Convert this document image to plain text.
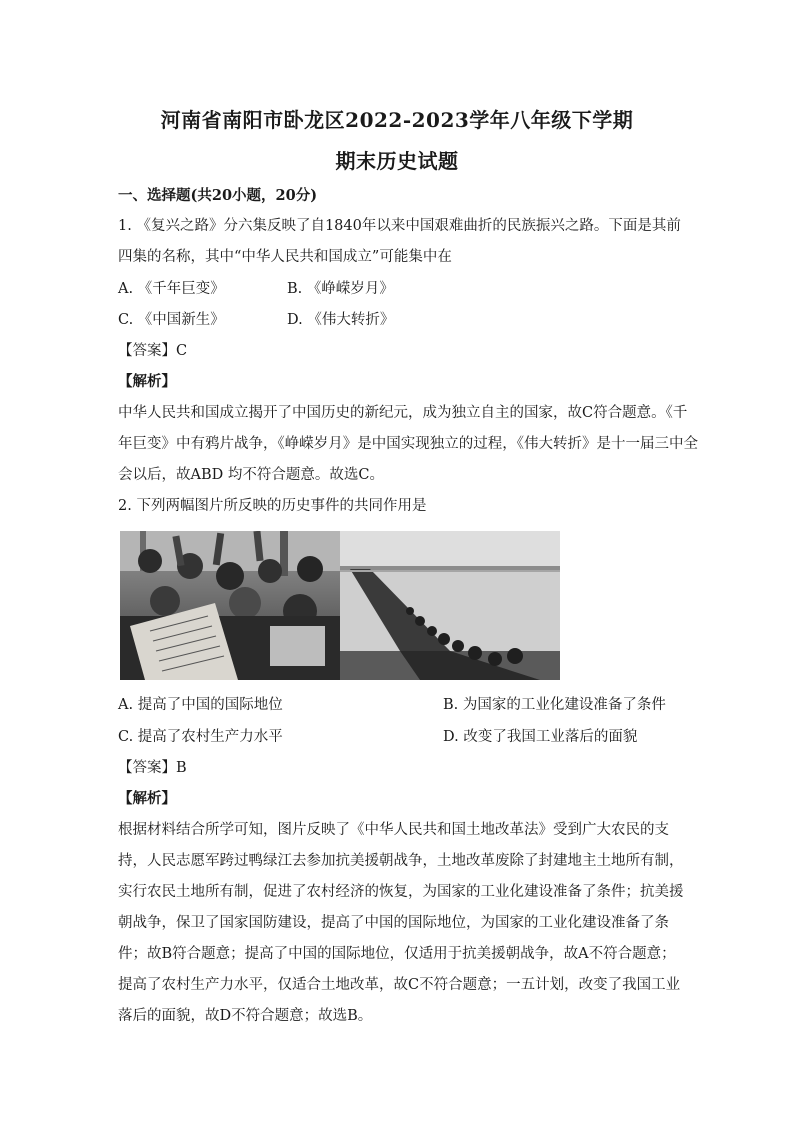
河南省南阳市卧龙区2022-2023学年八年级下学期
期末历史试题
一、选择题(共20小题，20分)
1. 《复兴之路》分六集反映了自1840年以来中国艰难曲折的民族振兴之路。下面是其前
四集的名称，其中“中华人民共和国成立”可能集中在
A. 《千年巨变》	B. 《峥嵘岁月》
C. 《中国新生》	D. 《伟大转折》
【答案】C
【解析】
中华人民共和国成立揭开了中国历史的新纪元，成为独立自主的国家，故C符合题意。《千
年巨变》中有鸦片战争，《峥嵘岁月》是中国实现独立的过程，《伟大转折》是十一届三中全
会以后，故ABD 均不符合题意。故选C。
2. 下列两幅图片所反映的历史事件的共同作用是
A. 提高了中国的国际地位	B. 为国家的工业化建设准备了条件
C. 提高了农村生产力水平	D. 改变了我国工业落后的面貌
【答案】B
【解析】
根据材料结合所学可知，图片反映了《中华人民共和国土地改革法》受到广大农民的支
持，人民志愿军跨过鸭绿江去参加抗美援朝战争，土地改革废除了封建地主土地所有制，
实行农民土地所有制，促进了农村经济的恢复，为国家的工业化建设准备了条件；抗美援
朝战争，保卫了国家国防建设，提高了中国的国际地位，为国家的工业化建设准备了条
件；故B符合题意；提高了中国的国际地位，仅适用于抗美援朝战争，故A不符合题意；
提高了农村生产力水平，仅适合土地改革，故C不符合题意；一五计划，改变了我国工业
落后的面貌，故D不符合题意；故选B。
